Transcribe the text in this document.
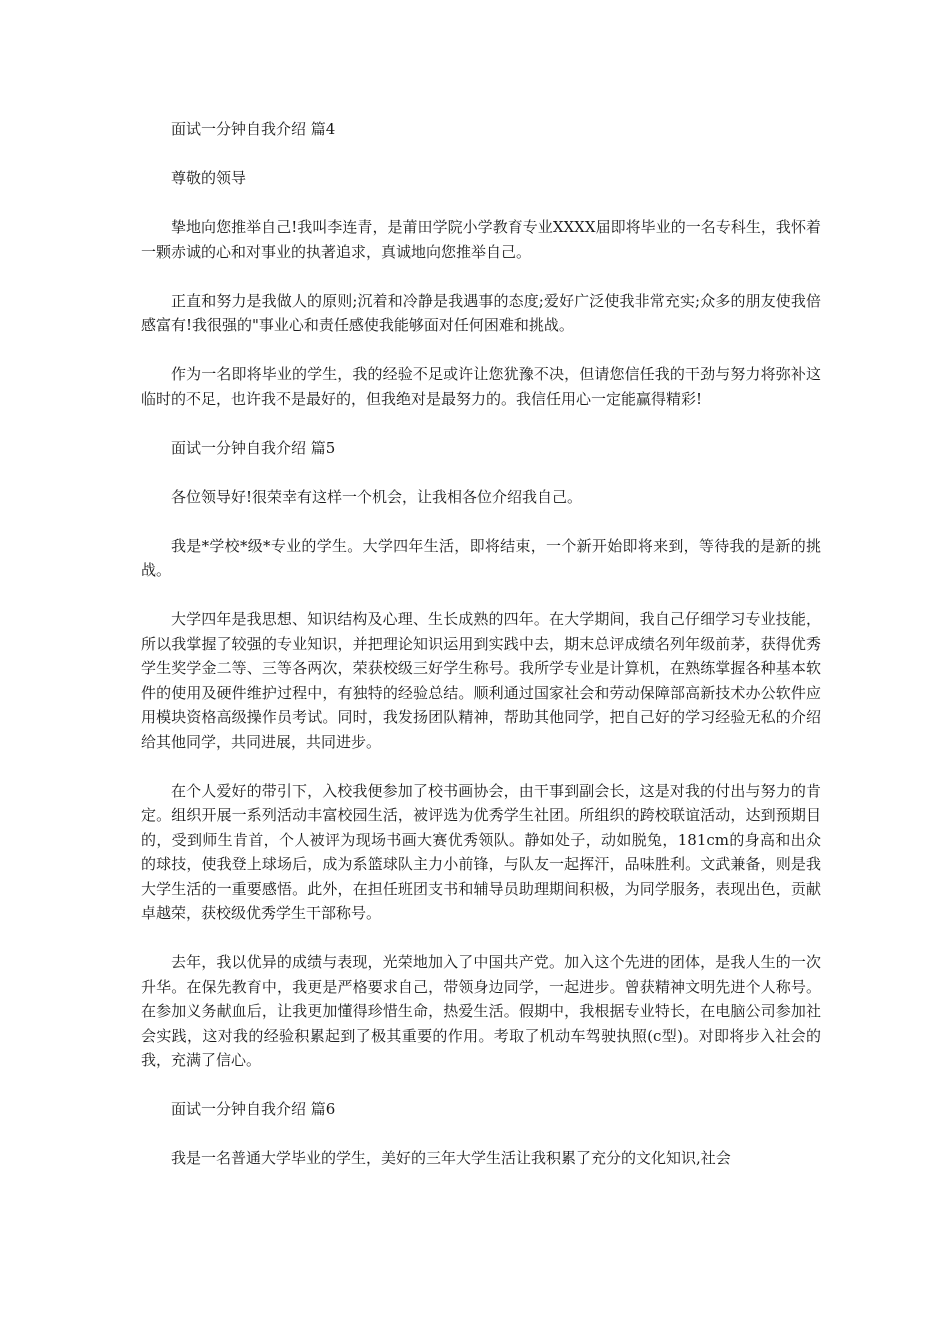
面试一分钟自我介绍 篇4

尊敬的领导

挚地向您推举自己!我叫李连青，是莆田学院小学教育专业XXXX届即将毕业的一名专科生，我怀着一颗赤诚的心和对事业的执著追求，真诚地向您推举自己。

正直和努力是我做人的原则;沉着和冷静是我遇事的态度;爱好广泛使我非常充实;众多的朋友使我倍感富有!我很强的"事业心和责任感使我能够面对任何困难和挑战。

作为一名即将毕业的学生，我的经验不足或许让您犹豫不决，但请您信任我的干劲与努力将弥补这临时的不足，也许我不是最好的，但我绝对是最努力的。我信任用心一定能赢得精彩!

面试一分钟自我介绍 篇5

各位领导好!很荣幸有这样一个机会，让我相各位介绍我自己。

我是*学校*级*专业的学生。大学四年生活，即将结束，一个新开始即将来到，等待我的是新的挑战。

大学四年是我思想、知识结构及心理、生长成熟的四年。在大学期间，我自己仔细学习专业技能，所以我掌握了较强的专业知识，并把理论知识运用到实践中去，期末总评成绩名列年级前茅，获得优秀学生奖学金二等、三等各两次，荣获校级三好学生称号。我所学专业是计算机，在熟练掌握各种基本软件的使用及硬件维护过程中，有独特的经验总结。顺利通过国家社会和劳动保障部高新技术办公软件应用模块资格高级操作员考试。同时，我发扬团队精神，帮助其他同学，把自己好的学习经验无私的介绍给其他同学，共同进展，共同进步。

在个人爱好的带引下，入校我便参加了校书画协会，由干事到副会长，这是对我的付出与努力的肯定。组织开展一系列活动丰富校园生活，被评选为优秀学生社团。所组织的跨校联谊活动，达到预期目的，受到师生肯首，个人被评为现场书画大赛优秀领队。静如处子，动如脱兔，181cm的身高和出众的球技，使我登上球场后，成为系篮球队主力小前锋，与队友一起挥汗，品味胜利。文武兼备，则是我大学生活的一重要感悟。此外，在担任班团支书和辅导员助理期间积极，为同学服务，表现出色，贡献卓越荣，获校级优秀学生干部称号。

去年，我以优异的成绩与表现，光荣地加入了中国共产党。加入这个先进的团体，是我人生的一次升华。在保先教育中，我更是严格要求自己，带领身边同学，一起进步。曾获精神文明先进个人称号。在参加义务献血后，让我更加懂得珍惜生命，热爱生活。假期中，我根据专业特长，在电脑公司参加社会实践，这对我的经验积累起到了极其重要的作用。考取了机动车驾驶执照(c型)。对即将步入社会的我，充满了信心。

面试一分钟自我介绍 篇6

我是一名普通大学毕业的学生，美好的三年大学生活让我积累了充分的文化知识,社会
